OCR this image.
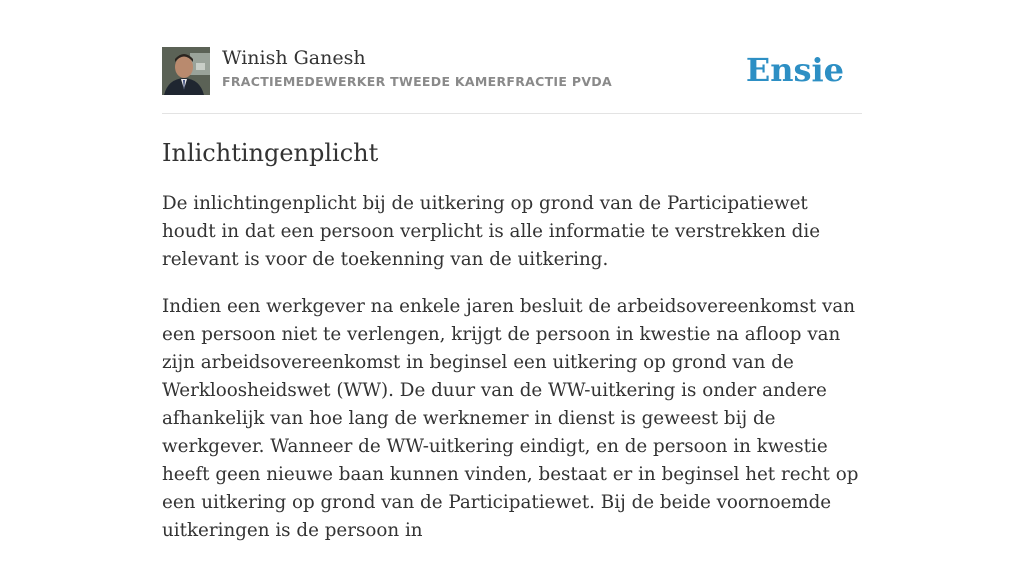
Winish Ganesh
FRACTIEMEDEWERKER TWEEDE KAMERFRACTIE PVDA	Ensie
Inlichtingenplicht

De inlichtingenplicht bij de uitkering op grond van de Participatiewet houdt in dat een persoon verplicht is alle informatie te verstrekken die relevant is voor de toekenning van de uitkering.

Indien een werkgever na enkele jaren besluit de arbeidsovereenkomst van een persoon niet te verlengen, krijgt de persoon in kwestie na afloop van zijn arbeidsovereenkomst in beginsel een uitkering op grond van de Werkloosheidswet (WW). De duur van de WW-uitkering is onder andere afhankelijk van hoe lang de werknemer in dienst is geweest bij de werkgever. Wanneer de WW-uitkering eindigt, en de persoon in kwestie heeft geen nieuwe baan kunnen vinden, bestaat er in beginsel het recht op een uitkering op grond van de Participatiewet. Bij de beide voornoemde uitkeringen is de persoon in
